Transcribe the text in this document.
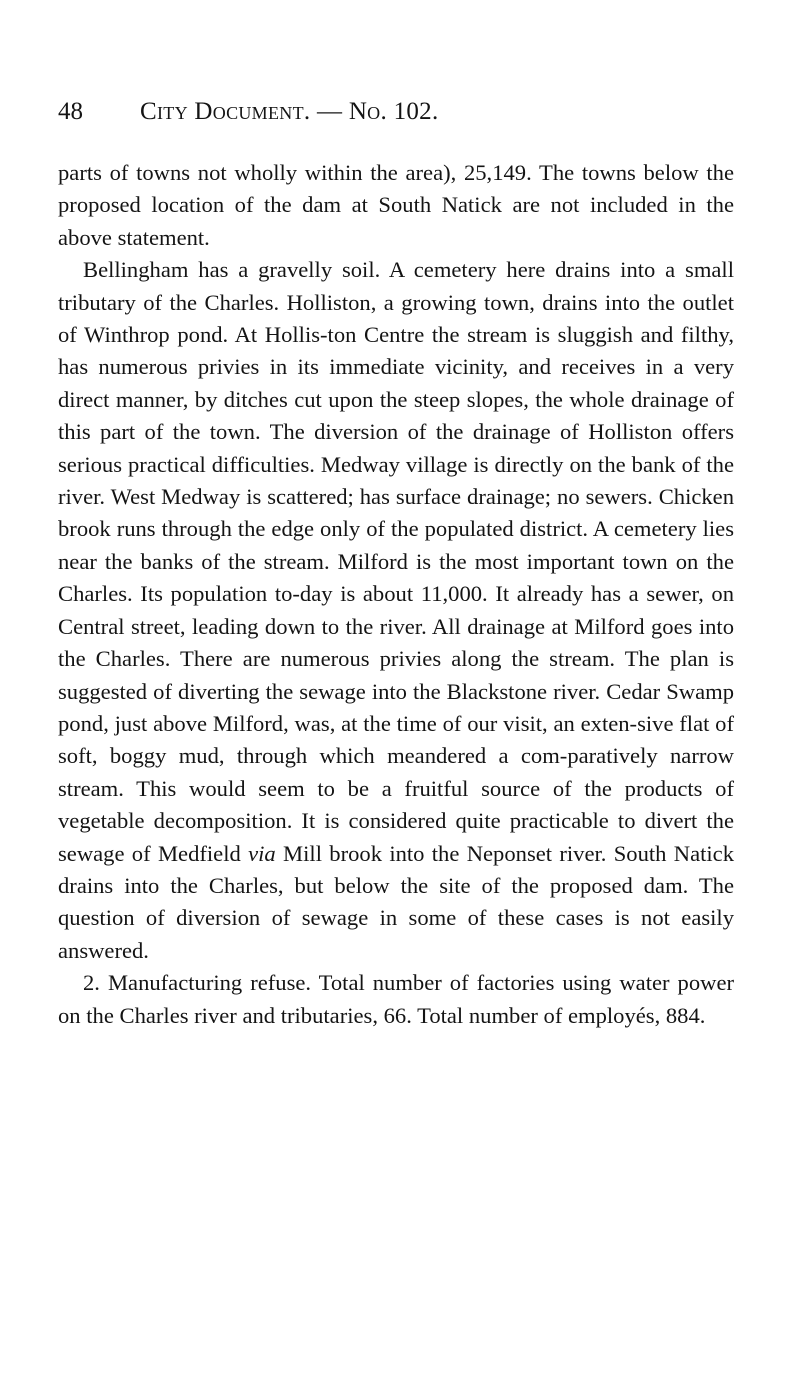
48 City Document. — No. 102.

parts of towns not wholly within the area), 25,149. The towns below the proposed location of the dam at South Natick are not included in the above statement.

Bellingham has a gravelly soil. A cemetery here drains into a small tributary of the Charles. Holliston, a growing town, drains into the outlet of Winthrop pond. At Hollis-ton Centre the stream is sluggish and filthy, has numerous privies in its immediate vicinity, and receives in a very direct manner, by ditches cut upon the steep slopes, the whole drainage of this part of the town. The diversion of the drainage of Holliston offers serious practical difficulties. Medway village is directly on the bank of the river. West Medway is scattered; has surface drainage; no sewers. Chicken brook runs through the edge only of the populated district. A cemetery lies near the banks of the stream. Milford is the most important town on the Charles. Its population to-day is about 11,000. It already has a sewer, on Central street, leading down to the river. All drainage at Milford goes into the Charles. There are numerous privies along the stream. The plan is suggested of diverting the sewage into the Blackstone river. Cedar Swamp pond, just above Milford, was, at the time of our visit, an exten-sive flat of soft, boggy mud, through which meandered a com-paratively narrow stream. This would seem to be a fruitful source of the products of vegetable decomposition. It is considered quite practicable to divert the sewage of Medfield via Mill brook into the Neponset river. South Natick drains into the Charles, but below the site of the proposed dam. The question of diversion of sewage in some of these cases is not easily answered.

2. Manufacturing refuse. Total number of factories using water power on the Charles river and tributaries, 66. Total number of employés, 884.
